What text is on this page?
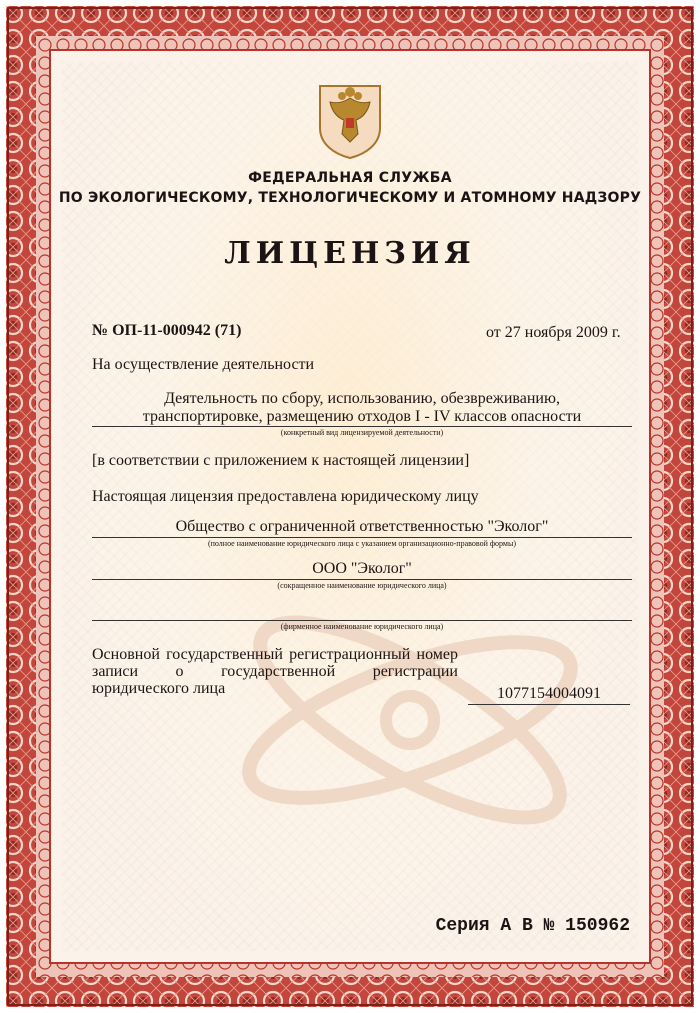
ФЕДЕРАЛЬНАЯ СЛУЖБА
ПО ЭКОЛОГИЧЕСКОМУ, ТЕХНОЛОГИЧЕСКОМУ И АТОМНОМУ НАДЗОРУ
ЛИЦЕНЗИЯ
№ ОП-11-000942 (71)	от 27 ноября 2009 г.
На осуществление деятельности
Деятельность по сбору, использованию, обезвреживанию,
транспортировке, размещению отходов I - IV классов опасности
(конкретный вид лицензируемой деятельности)
[в соответствии с приложением к настоящей лицензии]
Настоящая лицензия предоставлена юридическому лицу
Общество с ограниченной ответственностью "Эколог"
(полное наименование юридического лица с указанием организационно-правовой формы)
ООО "Эколог"
(сокращенное наименование юридического лица)
(фирменное наименование юридического лица)
Основной государственный регистрационный номер записи о государственной регистрации юридического лица	1077154004091
Серия А В № 150962
